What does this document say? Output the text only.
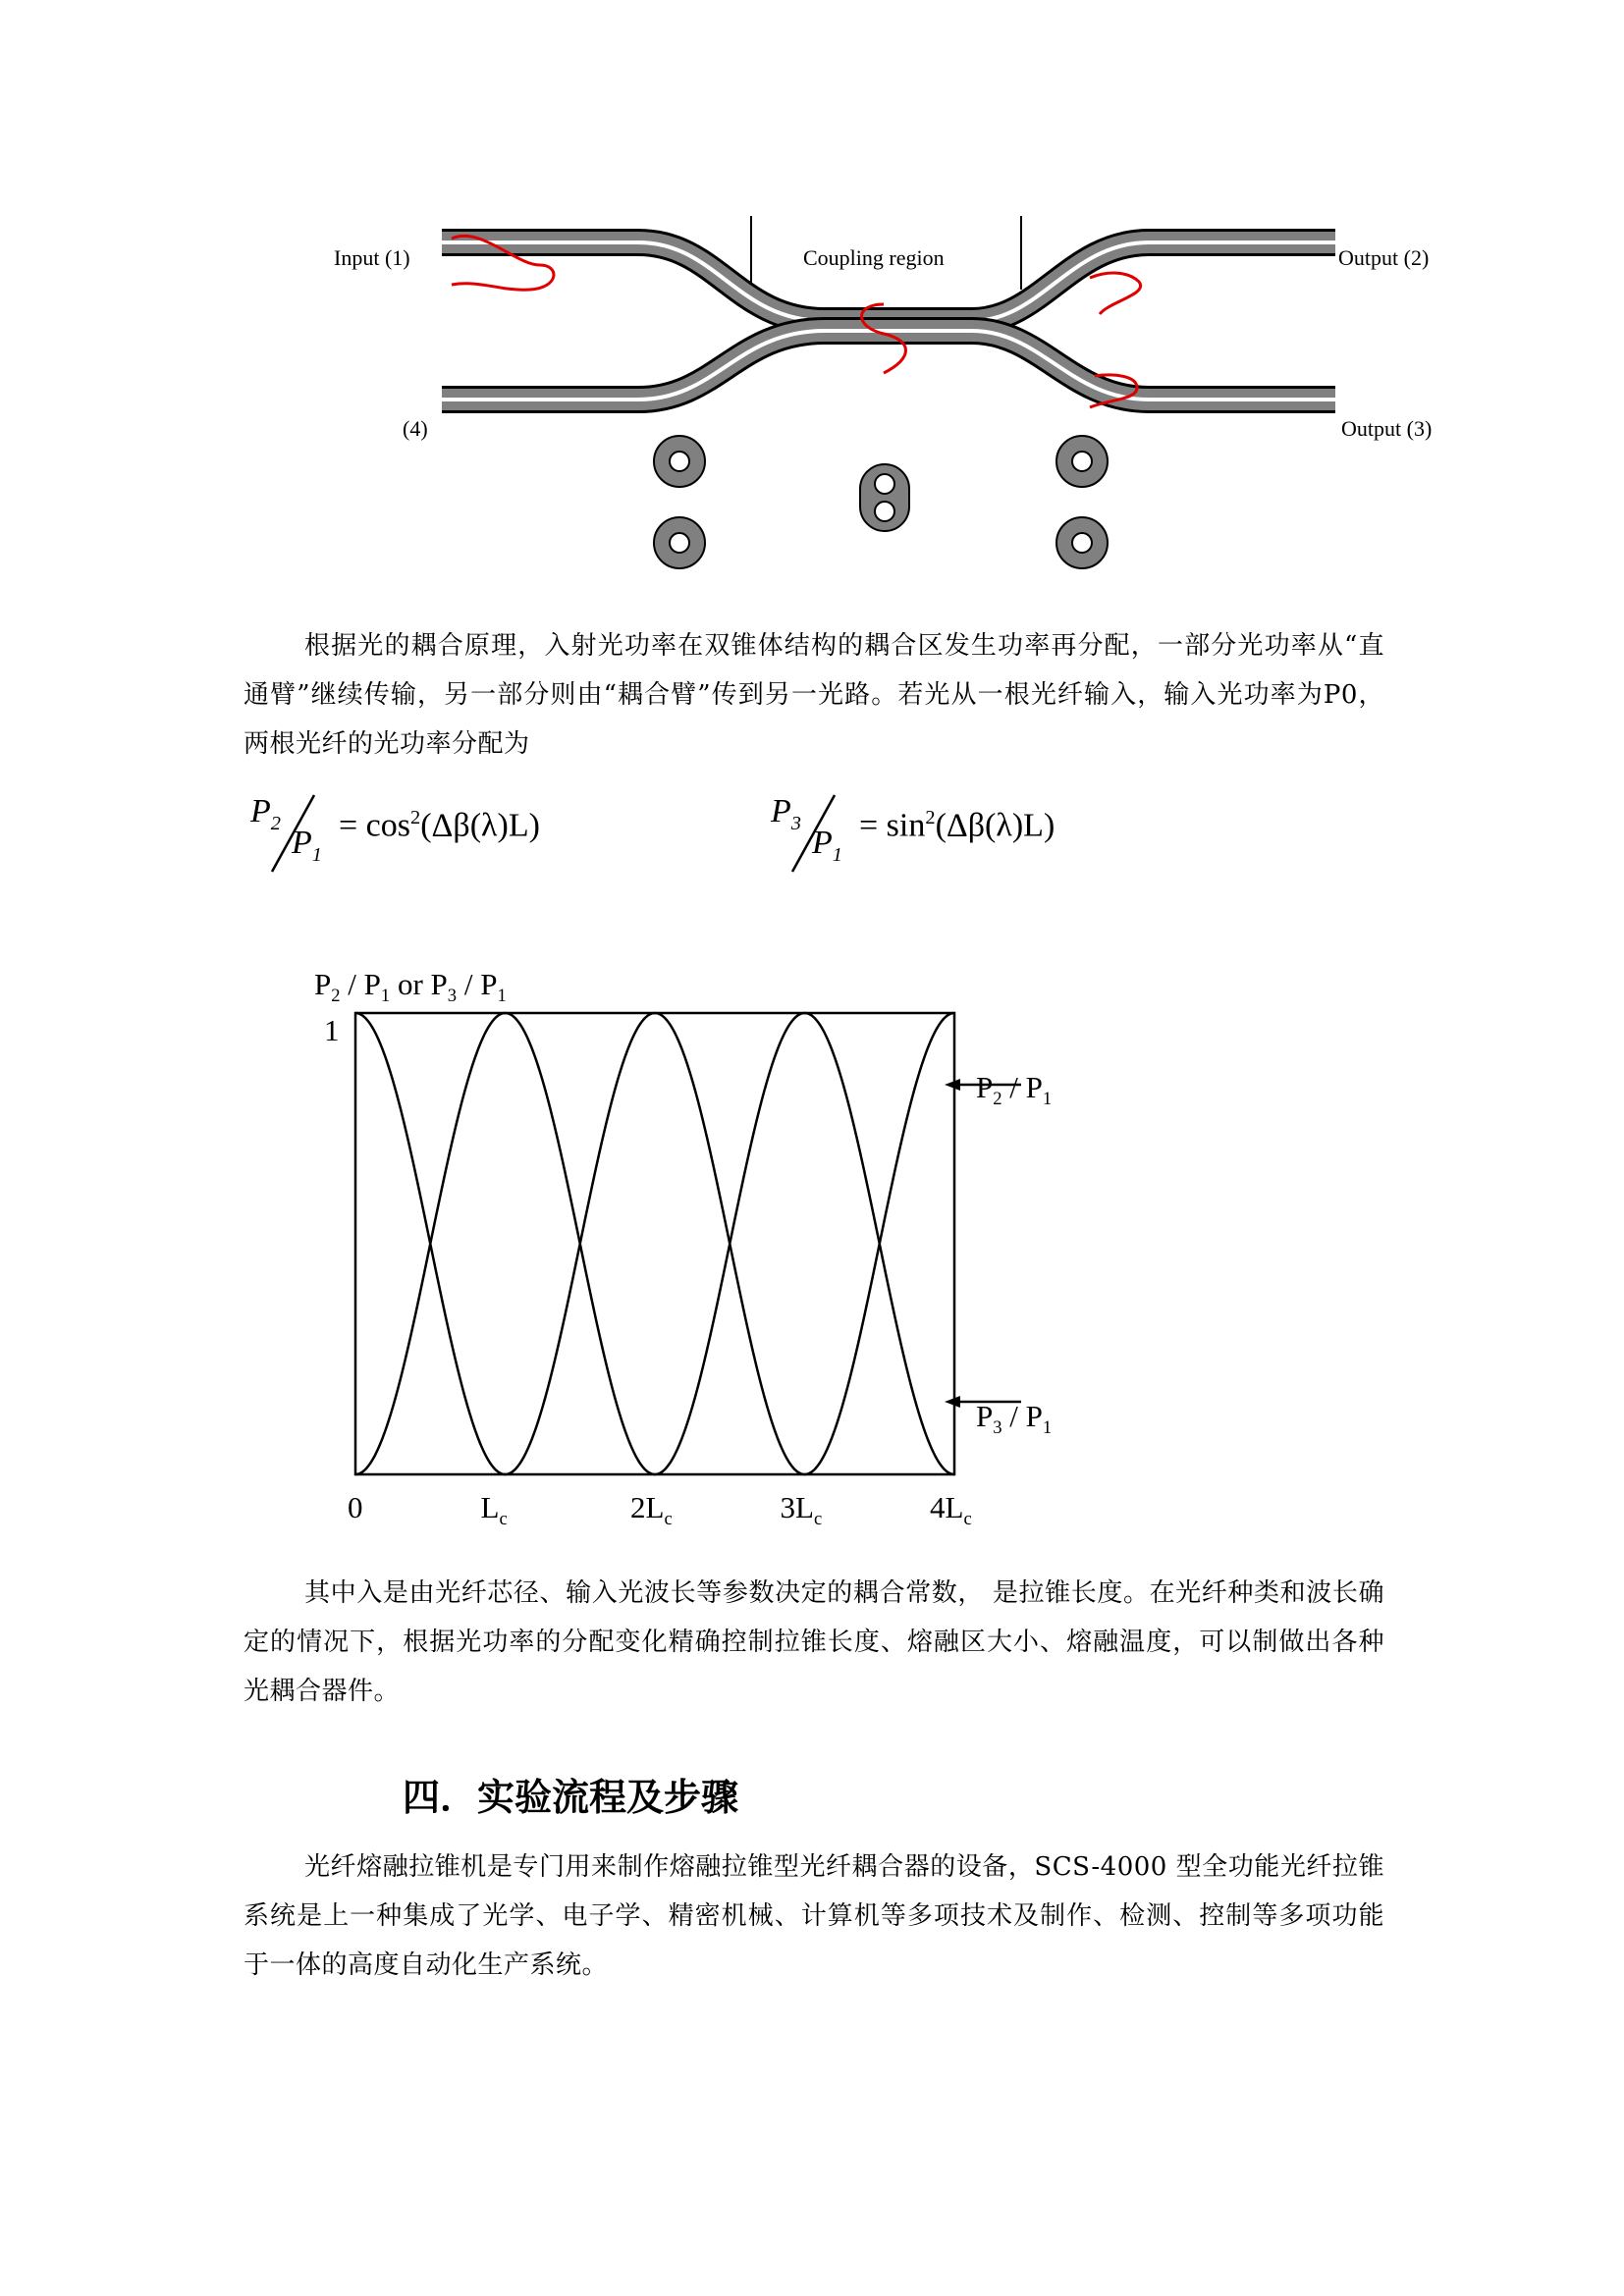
Input (1)	Output (2)
(4)	Output (3)
Coupling region

根据光的耦合原理，入射光功率在双锥体结构的耦合区发生功率再分配，一部分光功率从“直通臂”继续传输，另一部分则由“耦合臂”传到另一光路。若光从一根光纤输入，输入光功率为P0，两根光纤的光功率分配为

$P_2$
$P_1$
= $\cos^2(\Delta\beta(\lambda)L)$	$P_3$
$P_1$
= $\sin^2(\Delta\beta(\lambda)L)$
$P_2 / P_1$ or $P_3 / P_1$
1
$P_2 / P_1$
$P_3 / P_1$
0	$L_c$	$2L_c$	$3L_c$	$4L_c$

其中入是由光纤芯径、输入光波长等参数决定的耦合常数， 是拉锥长度。在光纤种类和波长确定的情况下，根据光功率的分配变化精确控制拉锥长度、熔融区大小、熔融温度，可以制做出各种光耦合器件。

四．实验流程及步骤

光纤熔融拉锥机是专门用来制作熔融拉锥型光纤耦合器的设备，SCS-4000 型全功能光纤拉锥系统是上一种集成了光学、电子学、精密机械、计算机等多项技术及制作、检测、控制等多项功能于一体的高度自动化生产系统。
